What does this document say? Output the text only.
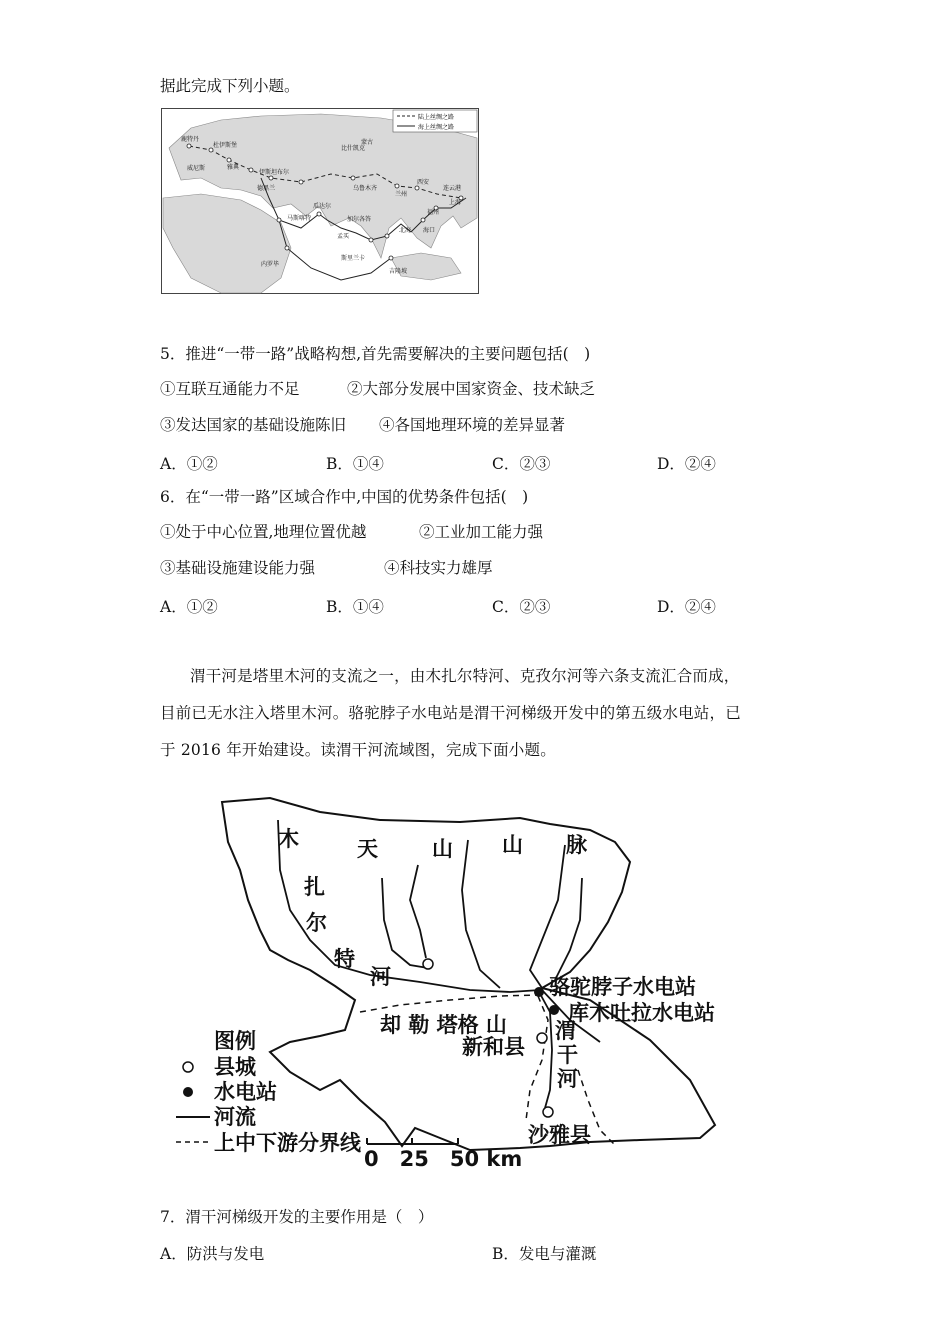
据此完成下列小题。
陆上丝绸之路
海上丝绸之路
鹿特丹
杜伊斯堡
威尼斯	雅典
伊斯坦布尔
德黑兰
瓜达尔
马斯喀特	加尔各答
孟买
斯里兰卡
内罗毕
吉隆坡
乌鲁木齐
比什凯克
蒙古
兰州
西安
连云港
上海
福州
海口
北海
5．推进“一带一路”战略构想,首先需要解决的主要问题包括(　)
①互联互通能力不足	②大部分发展中国家资金、技术缺乏
③发达国家的基础设施陈旧 ④各国地理环境的差异显著
A．①②	B．①④	C．②③	D．②④
6．在“一带一路”区域合作中,中国的优势条件包括(　)
①处于中心位置,地理位置优越	②工业加工能力强
③基础设施建设能力强	④科技实力雄厚
A．①②	B．①④	C．②③	D．②④
渭干河是塔里木河的支流之一，由木扎尔特河、克孜尔河等六条支流汇合而成，
目前已无水注入塔里木河。骆驼脖子水电站是渭干河梯级开发中的第五级水电站，已
于 2016 年开始建设。读渭干河流域图，完成下面小题。
天	山 山 脉
木
扎
尔
特
河	骆驼脖子水电站
库木吐拉水电站
却 勒 塔格 山
新和县
渭
干
河
沙雅县
图例
县城
水电站
河流
上中下游分界线
0　25　50 km
7．渭干河梯级开发的主要作用是（　）
A．防洪与发电	B．发电与灌溉
